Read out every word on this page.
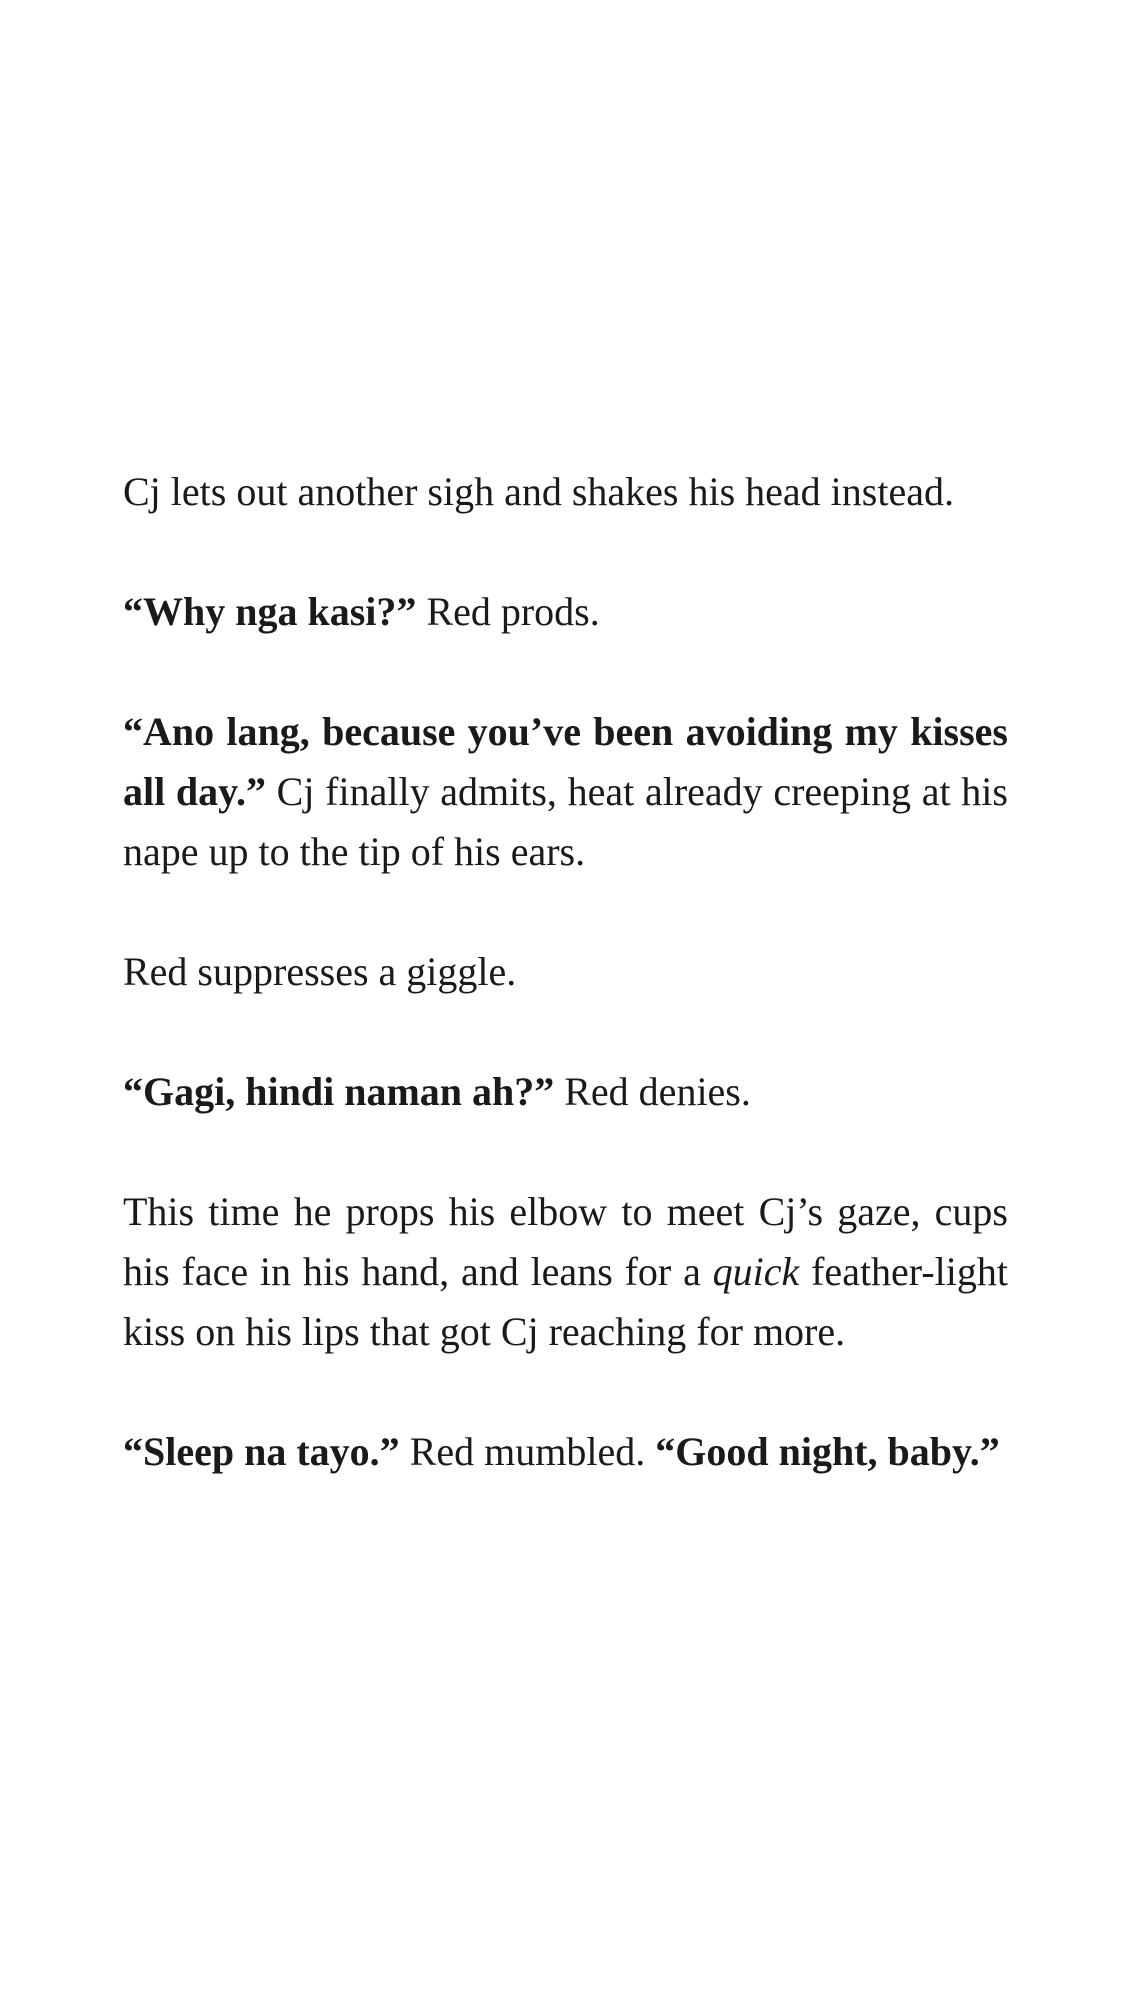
Cj lets out another sigh and shakes his head instead.

“Why nga kasi?” Red prods.

“Ano lang, because you’ve been avoiding my kisses all day.” Cj finally admits, heat already creeping at his nape up to the tip of his ears.

Red suppresses a giggle.

“Gagi, hindi naman ah?” Red denies.

This time he props his elbow to meet Cj’s gaze, cups his face in his hand, and leans for a quick feather-light kiss on his lips that got Cj reaching for more.

“Sleep na tayo.” Red mumbled. “Good night, baby.”
